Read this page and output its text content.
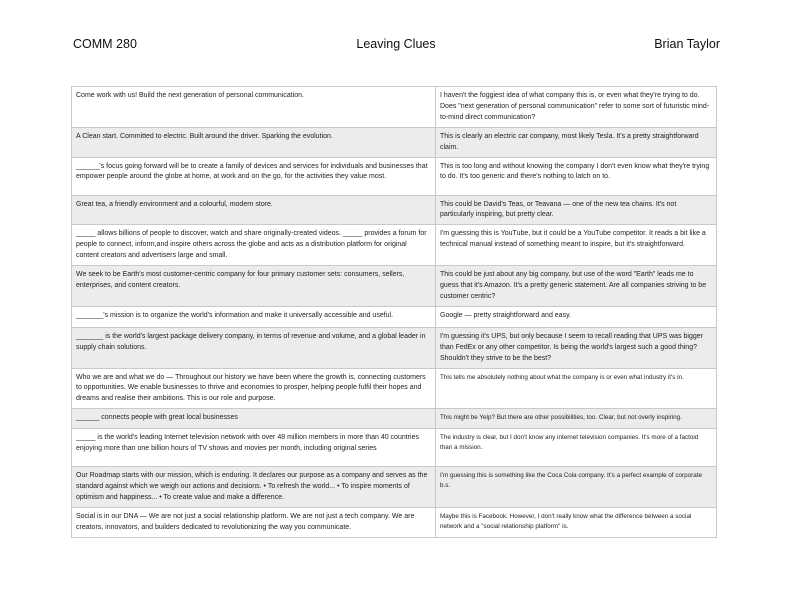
COMM 280	Leaving Clues	Brian Taylor
Come work with us! Build the next generation of personal communication.	I haven't the foggiest idea of what company this is, or even what they're trying to do. Does "next generation of personal communication" refer to some sort of futuristic mind-to-mind direct communication?
A Clean start. Committed to electric. Built around the driver. Sparking the evolution.	This is clearly an electric car company, most likely Tesla. It's a pretty straightforward claim.
______'s focus going forward will be to create a family of devices and services for individuals and businesses that empower people around the globe at home, at work and on the go, for the activities they value most.	This is too long and without knowing the company I don't even know what they're trying to do. It's too generic and there's nothing to latch on to.
Great tea, a friendly environment and a colourful, modern store.	This could be David's Teas, or Teavana — one of the new tea chains. It's not particularly inspiring, but pretty clear.
_____ allows billions of people to discover, watch and share originally-created videos. _____ provides a forum for people to connect, inform,and inspire others across the globe and acts as a distribution platform for original content creators and advertisers large and small.	I'm guessing this is YouTube, but it could be a YouTube competitor. It reads a bit like a technical manual instead of something meant to inspire, but it's straightforward.
We seek to be Earth's most customer-centric company for four primary customer sets: consumers, sellers, enterprises, and content creators.	This could be just about any big company, but use of the word "Earth" leads me to guess that it's Amazon. It's a pretty generic statement. Are all companies striving to be customer centric?
_______'s mission is to organize the world's information and make it universally accessible and useful.	Google — pretty straightforward and easy.
_______ is the world's largest package delivery company, in terms of revenue and volume, and a global leader in supply chain solutions.	I'm guessing it's UPS, but only because I seem to recall reading that UPS was bigger than FedEx or any other competitor. Is being the world's largest such a good thing? Shouldn't they strive to be the best?
Who we are and what we do — Throughout our history we have been where the growth is, connecting customers to opportunities. We enable businesses to thrive and economies to prosper, helping people fulfil their hopes and dreams and realise their ambitions. This is our role and purpose.	This tells me absolutely nothing about what the company is or even what industry it's in.
______ connects people with great local businesses	This might be Yelp? But there are other possibilities, too. Clear, but not overly inspiring.
_____ is the world's leading Internet television network with over 48 million members in more than 40 countries enjoying more than one billion hours of TV shows and movies per month, including original series	The industry is clear, but I don't know any internet television companies. It's more of a factoid than a mission.
Our Roadmap starts with our mission, which is enduring. It declares our purpose as a company and serves as the standard against which we weigh our actions and decisions. • To refresh the world... • To inspire moments of optimism and happiness... • To create value and make a difference.	I'm guessing this is something like the Coca Cola company. It's a perfect example of corporate b.s.
Social is in our DNA — We are not just a social relationship platform. We are not just a tech company. We are creators, innovators, and builders dedicated to revolutionizing the way you communicate.	Maybe this is Facebook. However, I don't really know what the difference between a social network and a "social relationship platform" is.
